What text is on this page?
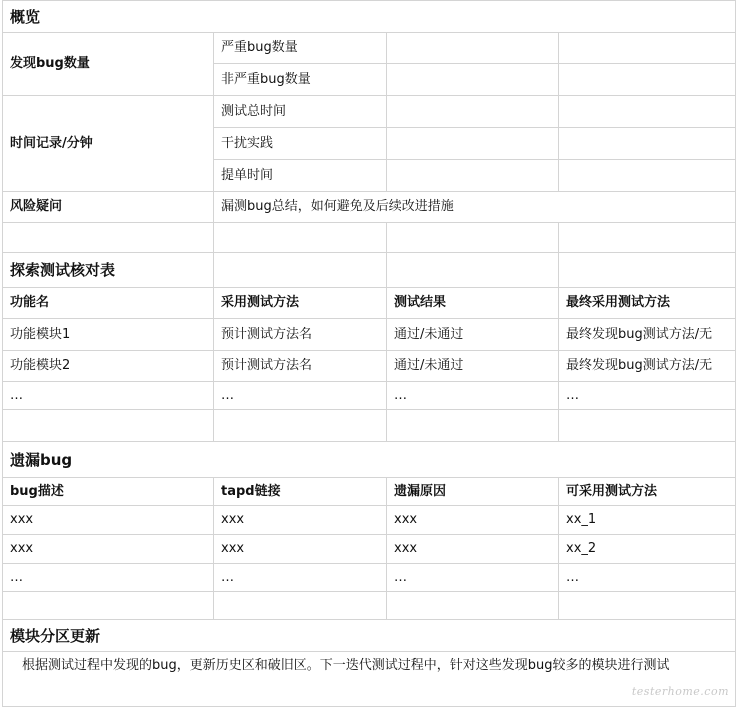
概览			
发现bug数量	严重bug数量		
	非严重bug数量		
时间记录/分钟	测试总时间		
	干扰实践		
	提单时间		
风险疑问	漏测bug总结，如何避免及后续改进措施		

探索测试核对表			
功能名	采用测试方法	测试结果	最终采用测试方法
功能模块1	预计测试方法名	通过/未通过	最终发现bug测试方法/无
功能模块2	预计测试方法名	通过/未通过	最终发现bug测试方法/无
…	…	…	…

遗漏bug			
bug描述	tapd链接	遗漏原因	可采用测试方法
xxx	xxx	xxx	xx_1
xxx	xxx	xxx	xx_2
…	…	…	…

模块分区更新			
根据测试过程中发现的bug，更新历史区和破旧区。下一迭代测试过程中，针对这些发现bug较多的模块进行测试			
testerhome.com
